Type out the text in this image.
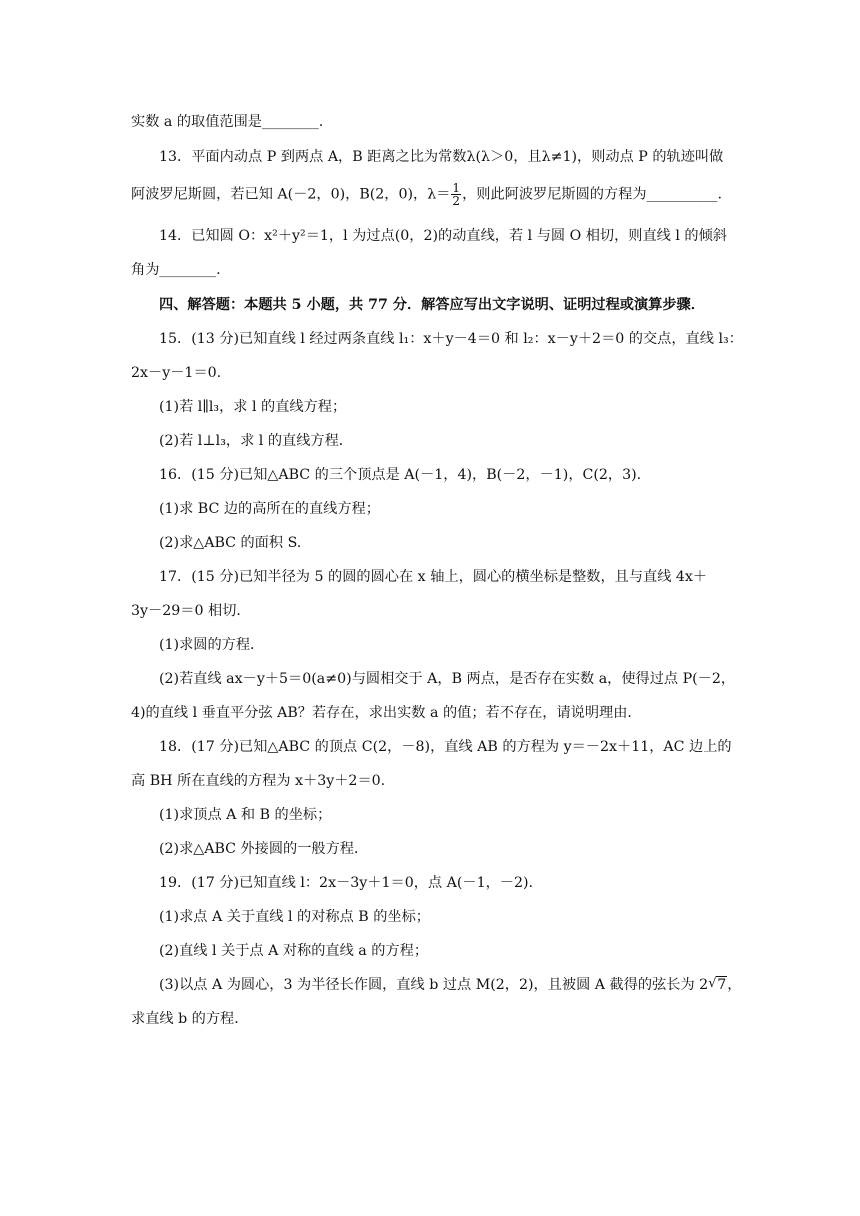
实数 a 的取值范围是________.
13．平面内动点 P 到两点 A，B 距离之比为常数λ(λ＞0，且λ≠1)，则动点 P 的轨迹叫做
阿波罗尼斯圆，若已知 A(－2，0)，B(2，0)，$\lambda= \frac{1}{2}$ ，则此阿波罗尼斯圆的方程为__________.
14．已知圆 O：x²＋y²＝1，l 为过点(0，2)的动直线，若 l 与圆 O 相切，则直线 l 的倾斜
角为________.
四、解答题：本题共 5 小题，共 77 分．解答应写出文字说明、证明过程或演算步骤．
15．(13 分)已知直线 l 经过两条直线 l₁：x＋y－4＝0 和 l₂：x－y＋2＝0 的交点，直线 l₃：
2x－y－1＝0.
(1)若 l∥l₃，求 l 的直线方程；
(2)若 l⊥l₃，求 l 的直线方程．
16．(15 分)已知△ABC 的三个顶点是 A(－1，4)，B(－2，－1)，C(2，3).
(1)求 BC 边的高所在的直线方程；
(2)求△ABC 的面积 S.
17．(15 分)已知半径为 5 的圆的圆心在 x 轴上，圆心的横坐标是整数，且与直线 4x＋
3y－29＝0 相切．
(1)求圆的方程．
(2)若直线 ax－y＋5＝0(a≠0)与圆相交于 A，B 两点，是否存在实数 a，使得过点 P(－2，
4)的直线 l 垂直平分弦 AB？若存在，求出实数 a 的值；若不存在，请说明理由．
18．(17 分)已知△ABC 的顶点 C(2，－8)，直线 AB 的方程为 y＝－2x＋11，AC 边上的
高 BH 所在直线的方程为 x＋3y＋2＝0.
(1)求顶点 A 和 B 的坐标；
(2)求△ABC 外接圆的一般方程．
19．(17 分)已知直线 l：2x－3y＋1＝0，点 A(－1，－2).
(1)求点 A 关于直线 l 的对称点 B 的坐标；
(2)直线 l 关于点 A 对称的直线 a 的方程；
(3)以点 A 为圆心，3 为半径长作圆，直线 b 过点 M(2，2)，且被圆 A 截得的弦长为 2 √ 7，
求直线 b 的方程．
